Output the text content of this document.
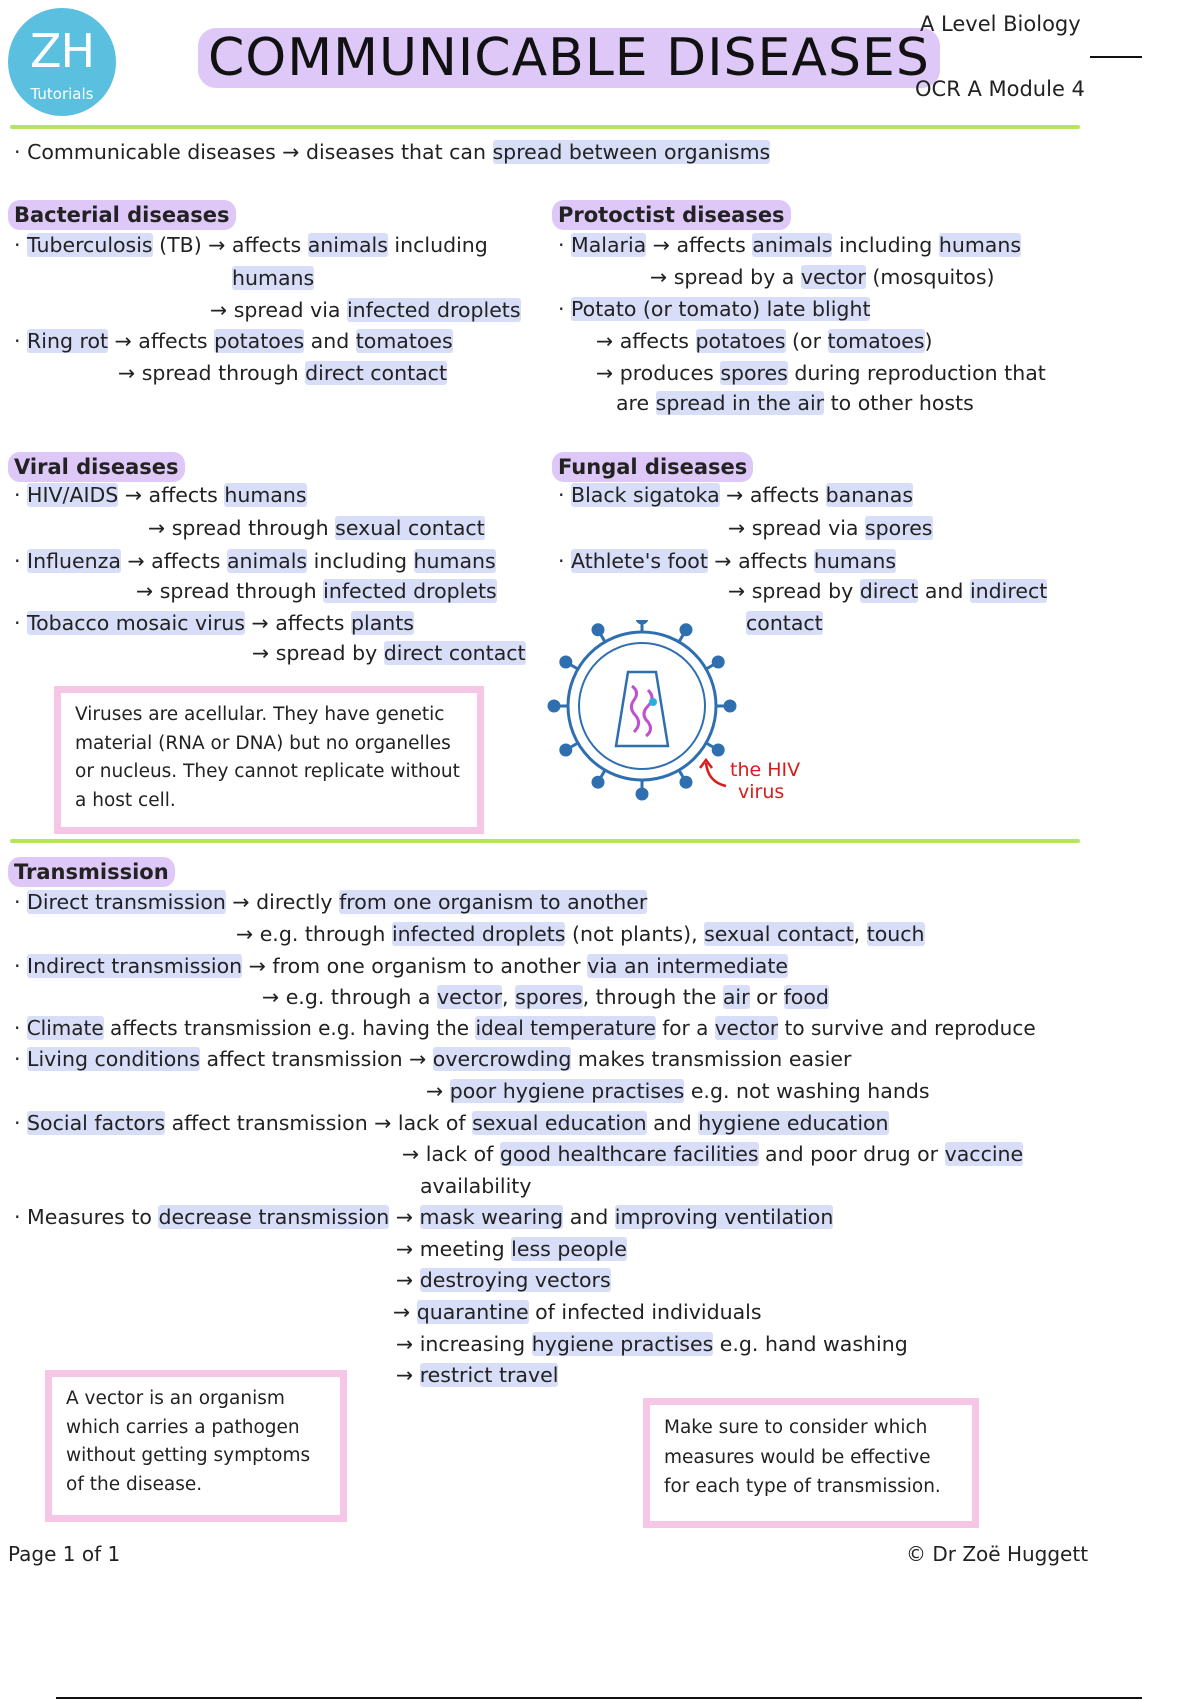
ZH
Tutorials
COMMUNICABLE DISEASES
A Level Biology
OCR A Module 4
· Communicable diseases → diseases that can spread between organisms
Bacterial diseases
· Tuberculosis (TB) → affects animals including
humans
→ spread via infected droplets
· Ring rot → affects potatoes and tomatoes
→ spread through direct contact
Protoctist diseases
· Malaria → affects animals including humans
→ spread by a vector (mosquitos)
· Potato (or tomato) late blight
→ affects potatoes (or tomatoes)
→ produces spores during reproduction that
are spread in the air to other hosts
Viral diseases
· HIV/AIDS → affects humans
→ spread through sexual contact
· Influenza → affects animals including humans
→ spread through infected droplets
· Tobacco mosaic virus → affects plants
→ spread by direct contact
Viruses are acellular. They have genetic material (RNA or DNA) but no organelles or nucleus. They cannot replicate without a host cell.
Fungal diseases
· Black sigatoka → affects bananas
→ spread via spores
· Athlete's foot → affects humans
→ spread by direct and indirect
contact
the HIV
virus
Transmission
· Direct transmission → directly from one organism to another
→ e.g. through infected droplets (not plants), sexual contact, touch
· Indirect transmission → from one organism to another via an intermediate
→ e.g. through a vector, spores, through the air or food
· Climate affects transmission e.g. having the ideal temperature for a vector to survive and reproduce
· Living conditions affect transmission → overcrowding makes transmission easier
→ poor hygiene practises e.g. not washing hands
· Social factors affect transmission → lack of sexual education and hygiene education
→ lack of good healthcare facilities and poor drug or vaccine
availability
· Measures to decrease transmission → mask wearing and improving ventilation
→ meeting less people
→ destroying vectors
→ quarantine of infected individuals
→ increasing hygiene practises e.g. hand washing
→ restrict travel
A vector is an organism which carries a pathogen without getting symptoms of the disease.
Make sure to consider which measures would be effective for each type of transmission.
Page 1 of 1	© Dr Zoë Huggett
